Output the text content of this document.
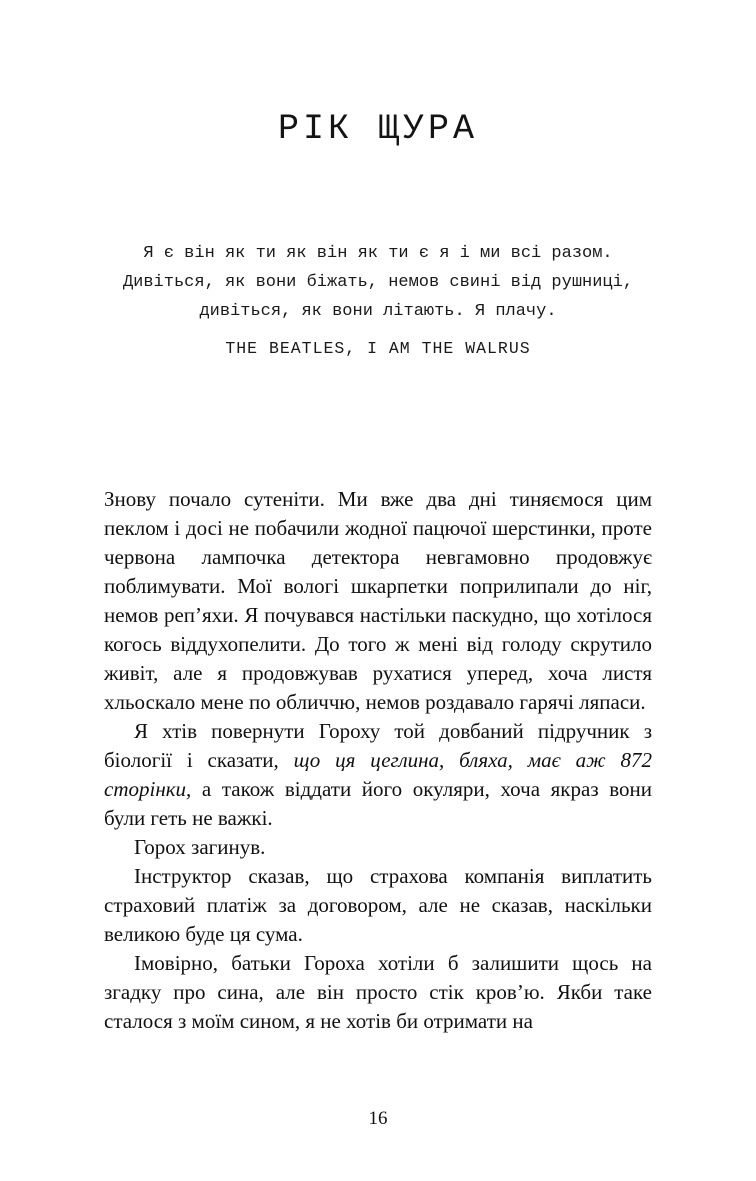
РІК ЩУРА
Я є він як ти як він як ти є я і ми всі разом.
Дивіться, як вони біжать, немов свині від рушниці,
дивіться, як вони літають. Я плачу.
THE BEATLES, I AM THE WALRUS

Знову почало сутеніти. Ми вже два дні тиняємося цим пеклом і досі не побачили жодної пацючої шерстинки, проте червона лампочка детектора невгамовно продовжує поблимувати. Мої вологі шкарпетки поприлипали до ніг, немов реп’яхи. Я почувався настільки паскудно, що хотілося когось віддухопелити. До того ж мені від голоду скрутило живіт, але я продовжував рухатися уперед, хоча листя хльоскало мене по обличчю, немов роздавало гарячі ляпаси.

Я хтів повернути Гороху той довбаний підручник з біології і сказати, що ця цеглина, бляха, має аж 872 сторінки, а також віддати його окуляри, хоча якраз вони були геть не важкі.

Горох загинув.

Інструктор сказав, що страхова компанія виплатить страховий платіж за договором, але не сказав, наскільки великою буде ця сума.

Імовірно, батьки Гороха хотіли б залишити щось на згадку про сина, але він просто стік кров’ю. Якби таке сталося з моїм сином, я не хотів би отримати на

16
